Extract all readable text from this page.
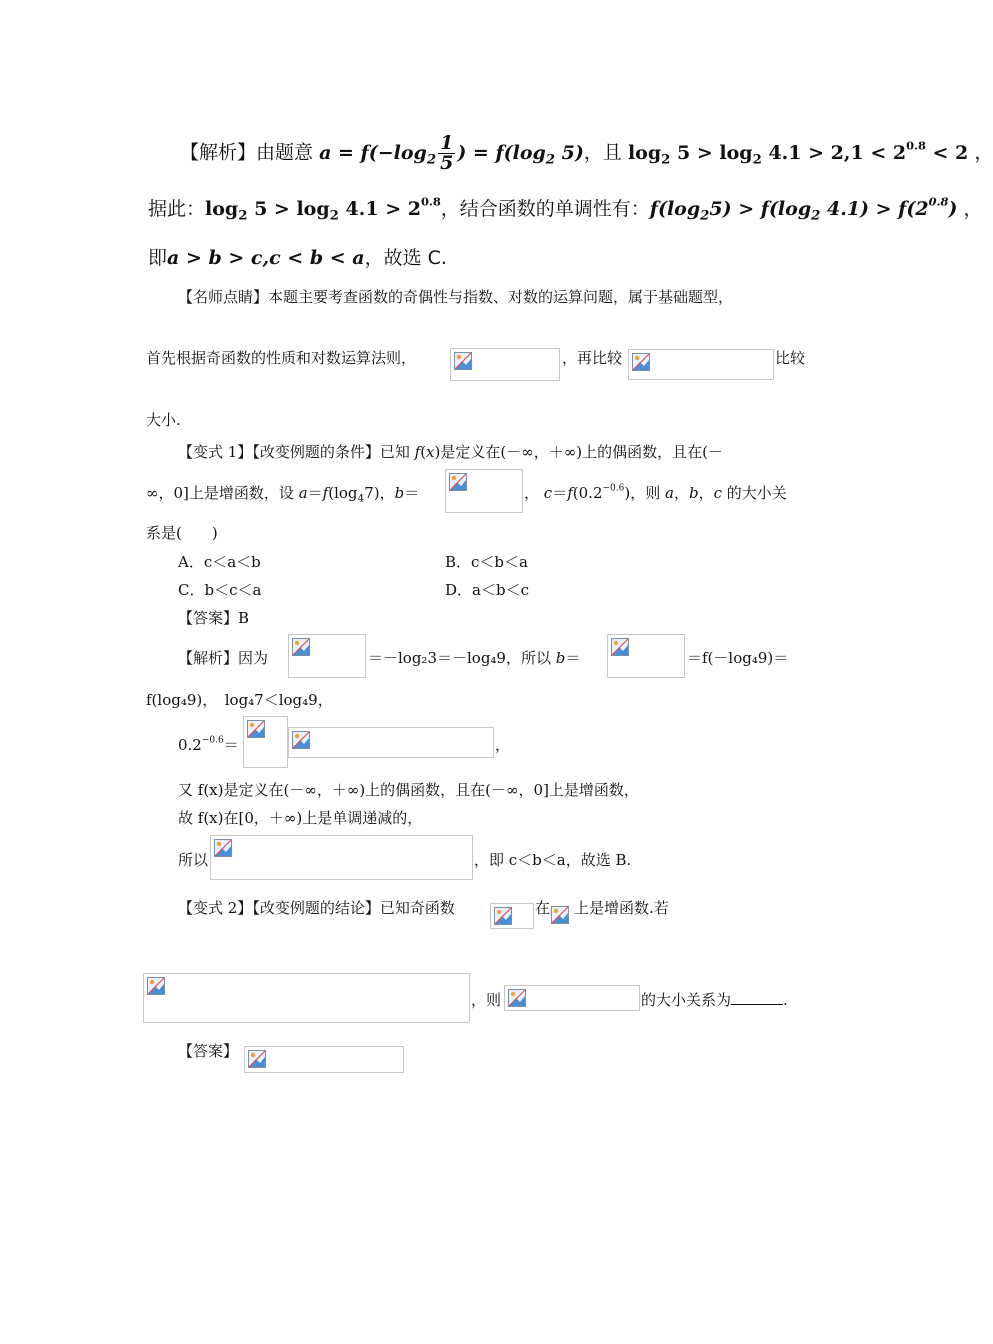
【解析】由题意 $a = f(-\log_2 \frac{1}{5}$ ) = $f(\log_2$ 5)，且 $\log_2 5 > \log_2 4.1 > 2,1 < 2^{0.8} < 2$ ，
据此：$\log_2 5 > \log_2 4.1 > 2^{0.8}$，结合函数的单调性有：$f(\log_25) > f(\log_2$ $4.1) > f(2^{0.8})$ ，
即a > b > c,c < b < a，故选 C.
【名师点睛】本题主要考查函数的奇偶性与指数、对数的运算问题，属于基础题型，
首先根据奇函数的性质和对数运算法则，	，再比较	比较
大小.
【变式 1】【改变例题的条件】已知 f(x)是定义在(－∞，＋∞)上的偶函数，且在(－
∞，0]上是增函数，设 $a=f(\log_47)$，b＝	， $c=f(0.2^{-0.6})$，则 a，b，c 的大小关
系是(　　)
A．c＜a＜b	B．c＜b＜a
C．b＜c＜a	D．a＜b＜c
【答案】B
【解析】因为	＝－log₂3＝－log₄9，所以 b＝	＝f(－log₄9)＝
f(log₄9)，　log₄7＜log₄9，
$0.2^{-0.6}=$	，
又 f(x)是定义在(－∞，＋∞)上的偶函数，且在(－∞，0]上是增函数，
故 f(x)在[0，＋∞)上是单调递减的，
所以	，即 c＜b＜a，故选 B.
【变式 2】【改变例题的结论】已知奇函数	在 上是增函数.若
，则	的大小关系为	.
【答案】
